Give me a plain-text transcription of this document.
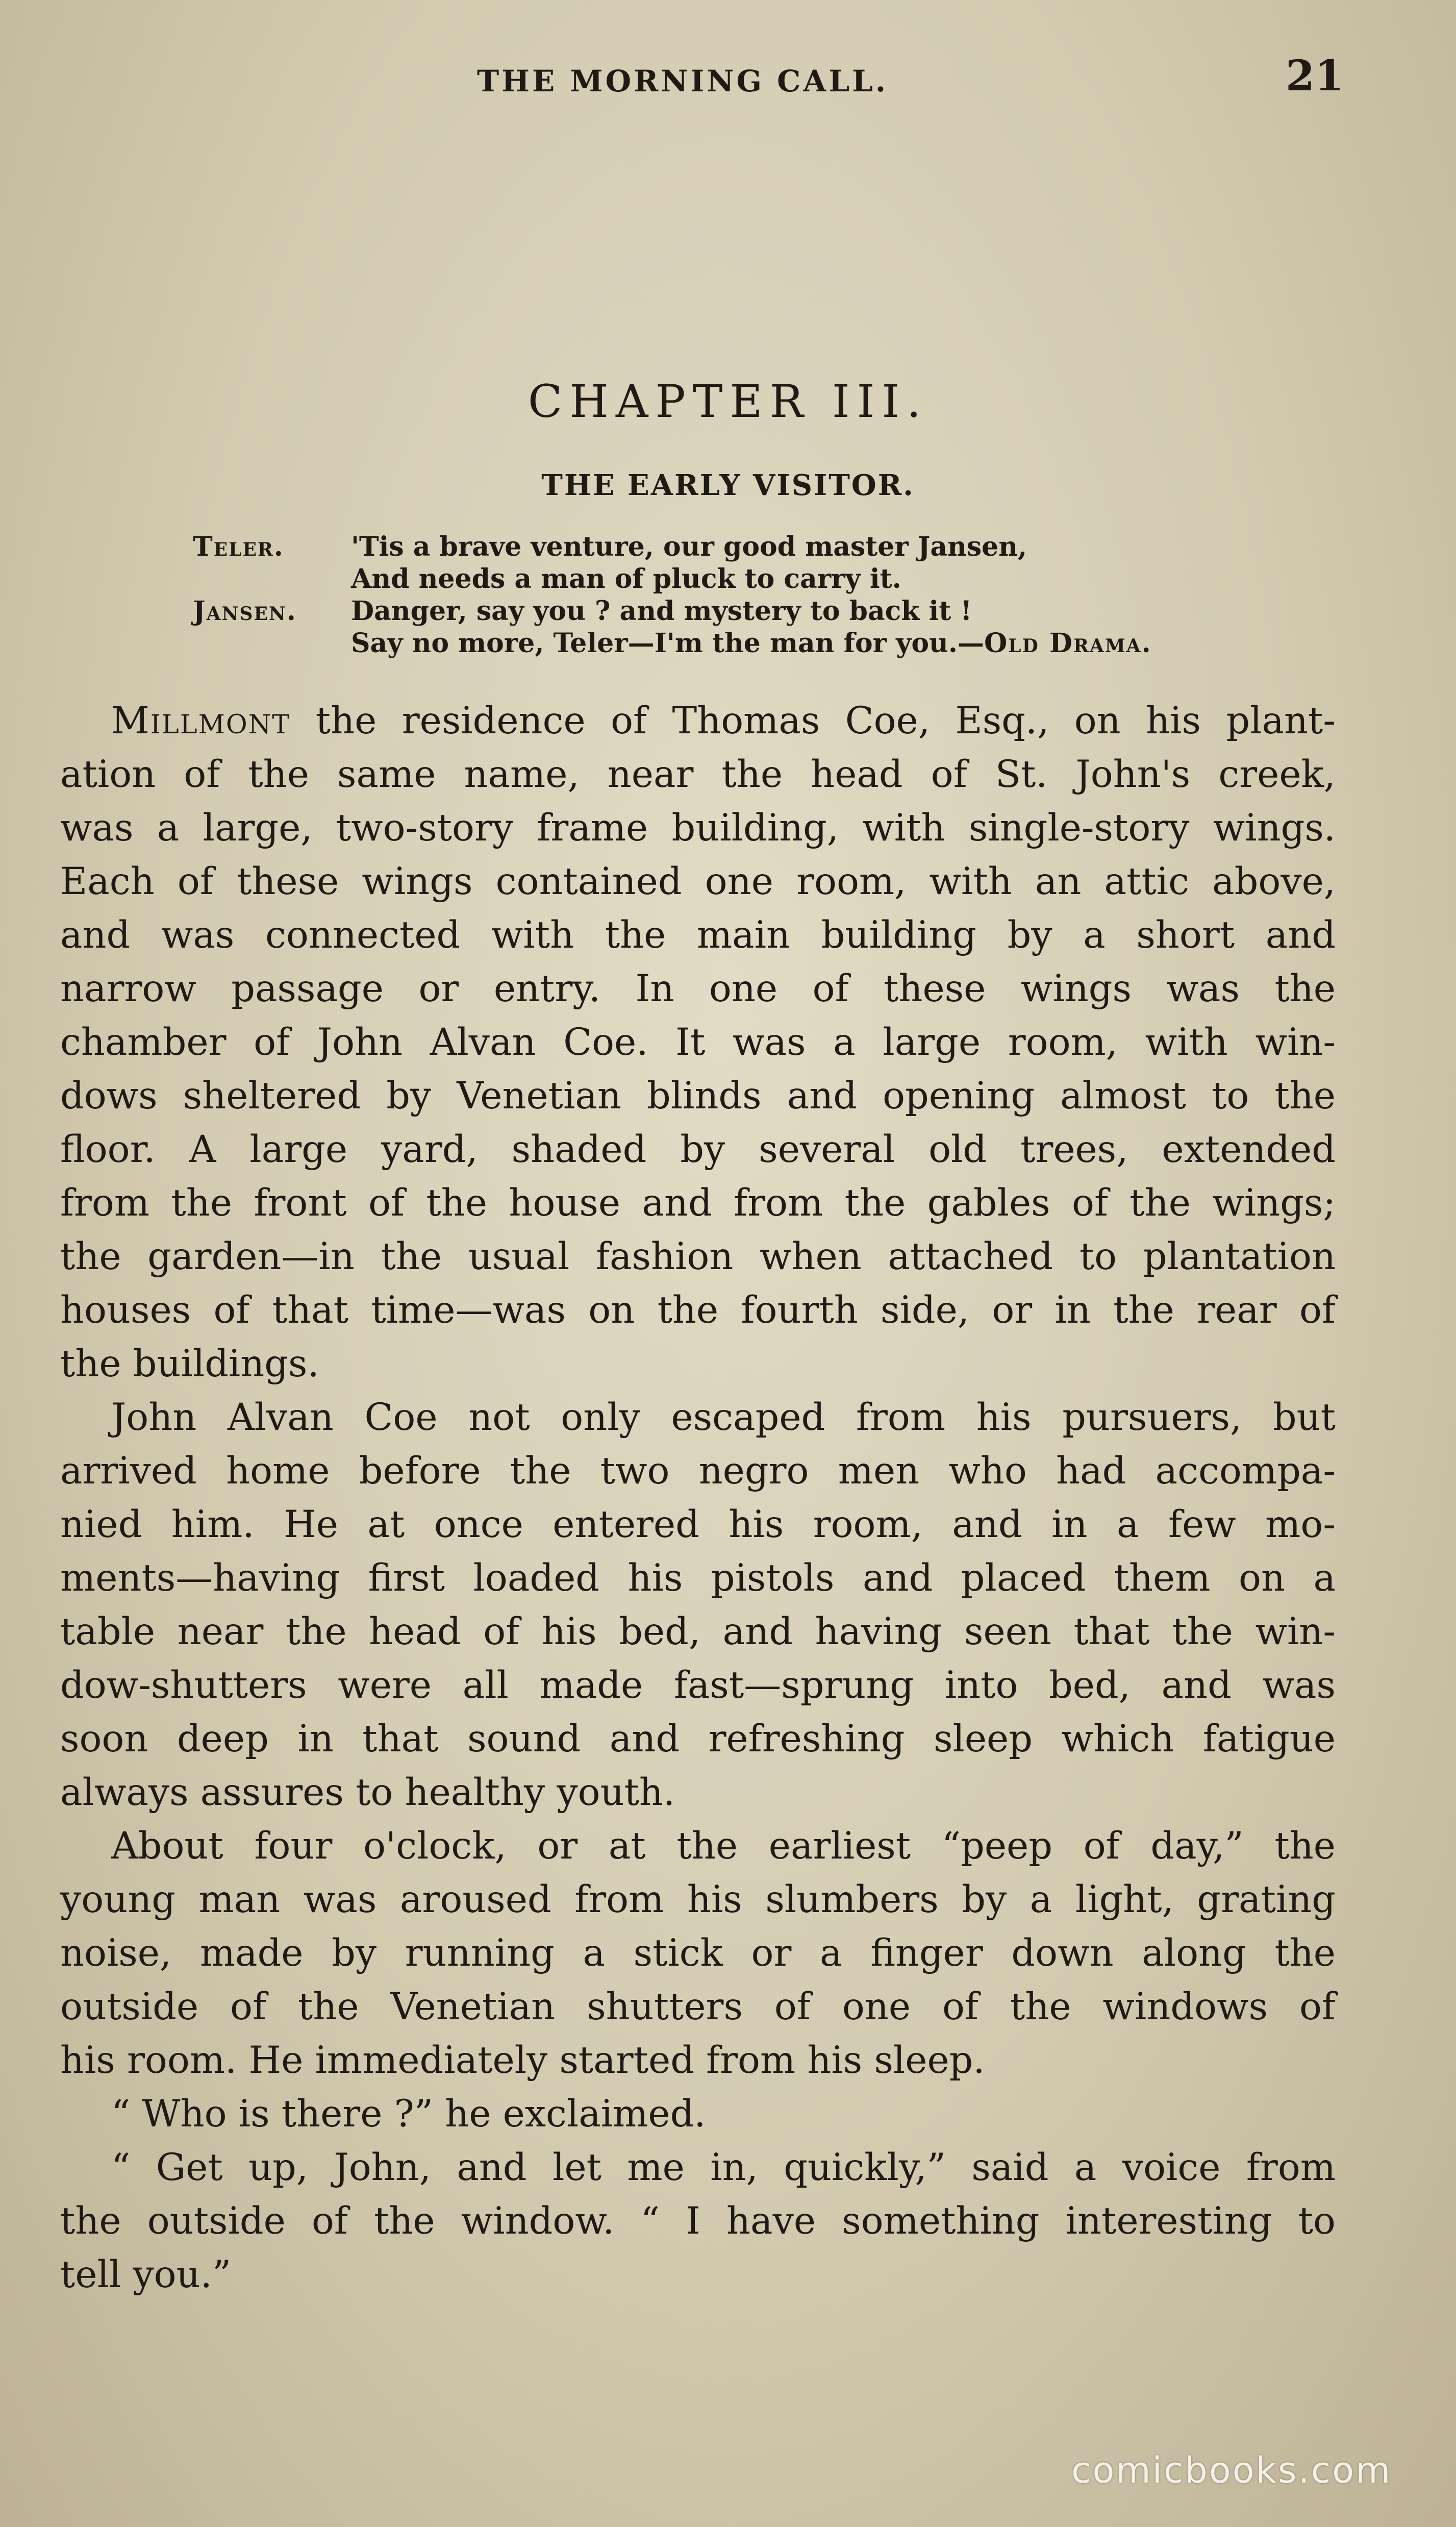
THE MORNING CALL.	21
CHAPTER III.
THE EARLY VISITOR.
Teler.	'Tis a brave venture, our good master Jansen,
And needs a man of pluck to carry it.
Jansen. Danger, say you ? and mystery to back it !
Say no more, Teler—I'm the man for you.—Old Drama.
Millmont the residence of Thomas Coe, Esq., on his plant-
ation of the same name, near the head of St. John's creek,
was a large, two-story frame building, with single-story wings.
Each of these wings contained one room, with an attic above,
and was connected with the main building by a short and
narrow passage or entry. In one of these wings was the
chamber of John Alvan Coe. It was a large room, with win-
dows sheltered by Venetian blinds and opening almost to the
floor. A large yard, shaded by several old trees, extended
from the front of the house and from the gables of the wings;
the garden—in the usual fashion when attached to plantation
houses of that time—was on the fourth side, or in the rear of
the buildings.
John Alvan Coe not only escaped from his pursuers, but
arrived home before the two negro men who had accompa-
nied him. He at once entered his room, and in a few mo-
ments—having first loaded his pistols and placed them on a
table near the head of his bed, and having seen that the win-
dow-shutters were all made fast—sprung into bed, and was
soon deep in that sound and refreshing sleep which fatigue
always assures to healthy youth.
About four o'clock, or at the earliest “peep of day,” the
young man was aroused from his slumbers by a light, grating
noise, made by running a stick or a finger down along the
outside of the Venetian shutters of one of the windows of
his room. He immediately started from his sleep.
“ Who is there ?” he exclaimed.
“ Get up, John, and let me in, quickly,” said a voice from
the outside of the window. “ I have something interesting to
tell you.”
comicbooks.com
